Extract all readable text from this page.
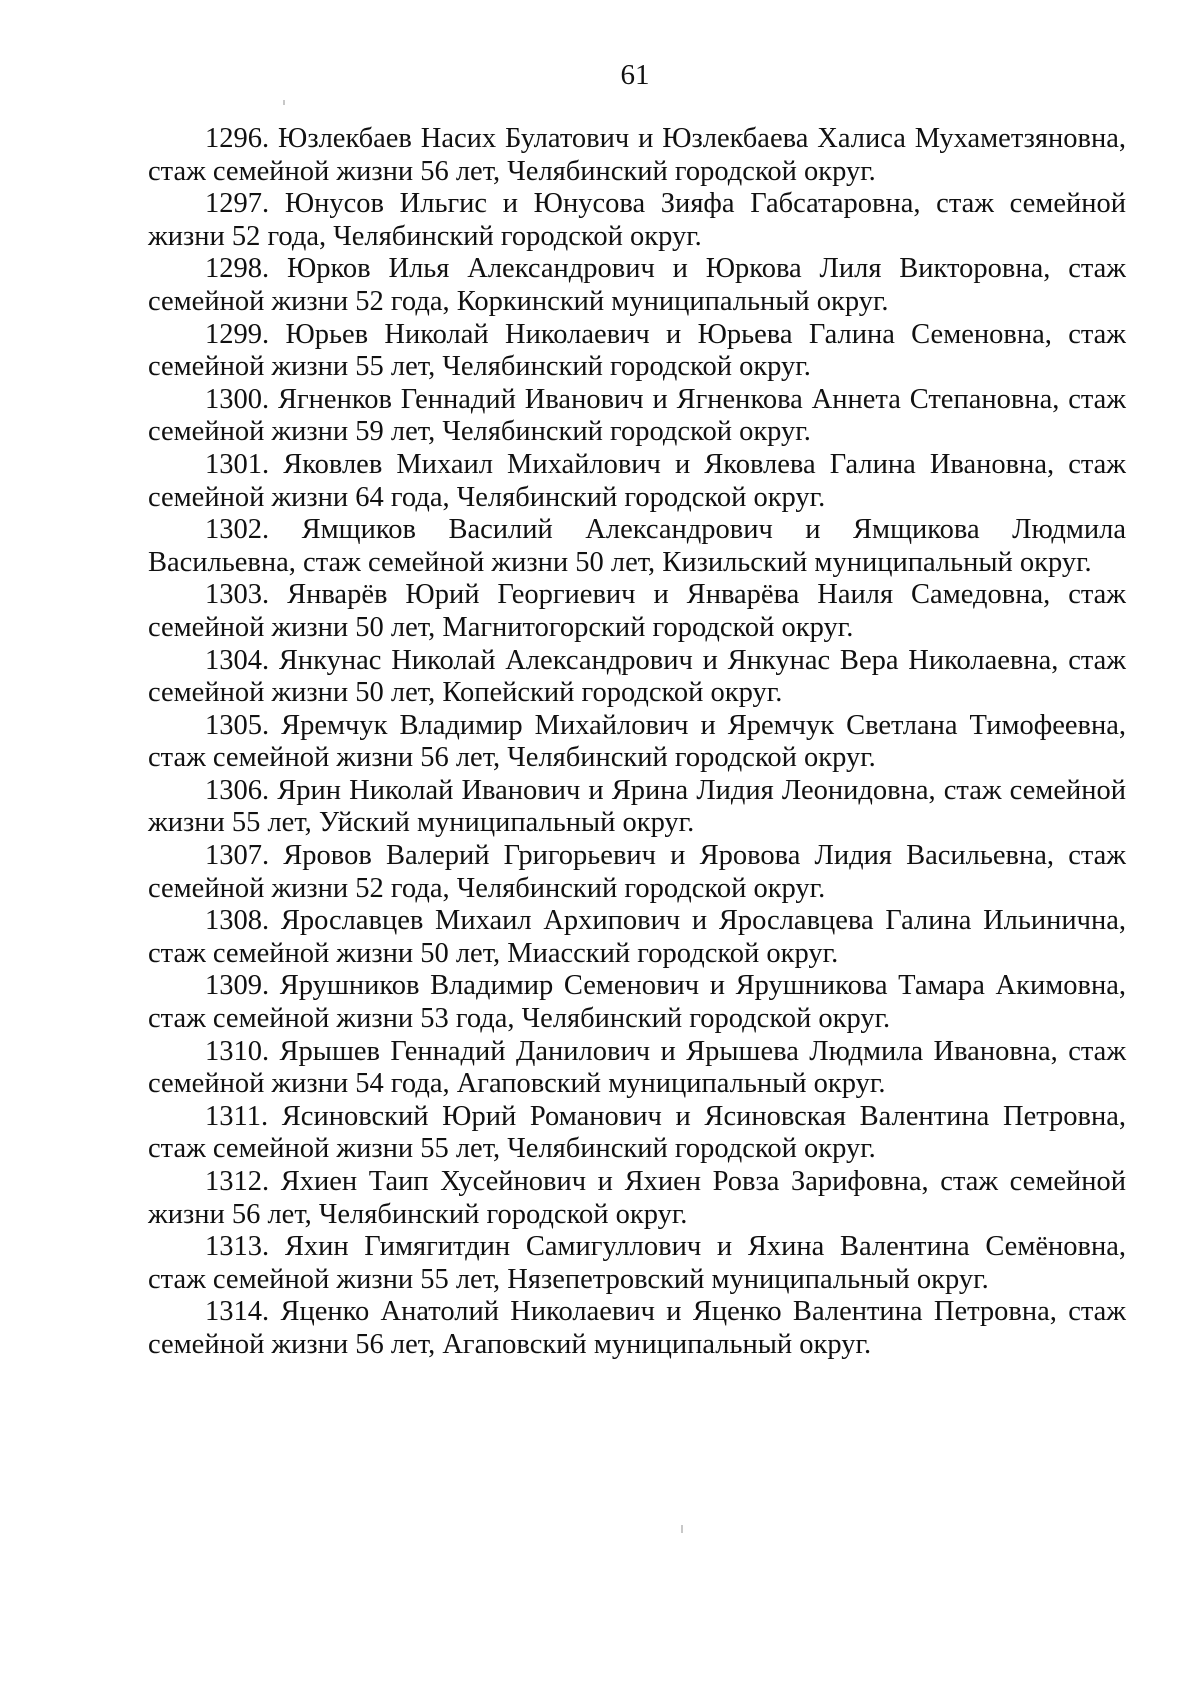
61
1296. Юзлекбаев Насих Булатович и Юзлекбаева Халиса Мухаметзяновна, стаж семейной жизни 56 лет, Челябинский городской округ.
1297. Юнусов Ильгис и Юнусова Зияфа Габсатаровна, стаж семейной жизни 52 года, Челябинский городской округ.
1298. Юрков Илья Александрович и Юркова Лиля Викторовна, стаж семейной жизни 52 года, Коркинский муниципальный округ.
1299. Юрьев Николай Николаевич и Юрьева Галина Семеновна, стаж семейной жизни 55 лет, Челябинский городской округ.
1300. Ягненков Геннадий Иванович и Ягненкова Аннета Степановна, стаж семейной жизни 59 лет, Челябинский городской округ.
1301. Яковлев Михаил Михайлович и Яковлева Галина Ивановна, стаж семейной жизни 64 года, Челябинский городской округ.
1302. Ямщиков Василий Александрович и Ямщикова Людмила Васильевна, стаж семейной жизни 50 лет, Кизильский муниципальный округ.
1303. Январёв Юрий Георгиевич и Январёва Наиля Самедовна, стаж семейной жизни 50 лет, Магнитогорский городской округ.
1304. Янкунас Николай Александрович и Янкунас Вера Николаевна, стаж семейной жизни 50 лет, Копейский городской округ.
1305. Яремчук Владимир Михайлович и Яремчук Светлана Тимофеевна, стаж семейной жизни 56 лет, Челябинский городской округ.
1306. Ярин Николай Иванович и Ярина Лидия Леонидовна, стаж семейной жизни 55 лет, Уйский муниципальный округ.
1307. Яровов Валерий Григорьевич и Яровова Лидия Васильевна, стаж семейной жизни 52 года, Челябинский городской округ.
1308. Ярославцев Михаил Архипович и Ярославцева Галина Ильинична, стаж семейной жизни 50 лет, Миасский городской округ.
1309. Ярушников Владимир Семенович и Ярушникова Тамара Акимовна, стаж семейной жизни 53 года, Челябинский городской округ.
1310. Ярышев Геннадий Данилович и Ярышева Людмила Ивановна, стаж семейной жизни 54 года, Агаповский муниципальный округ.
1311. Ясиновский Юрий Романович и Ясиновская Валентина Петровна, стаж семейной жизни 55 лет, Челябинский городской округ.
1312. Яхиен Таип Хусейнович и Яхиен Ровза Зарифовна, стаж семейной жизни 56 лет, Челябинский городской округ.
1313. Яхин Гимягитдин Самигуллович и Яхина Валентина Семёновна, стаж семейной жизни 55 лет, Нязепетровский муниципальный округ.
1314. Яценко Анатолий Николаевич и Яценко Валентина Петровна, стаж семейной жизни 56 лет, Агаповский муниципальный округ.
